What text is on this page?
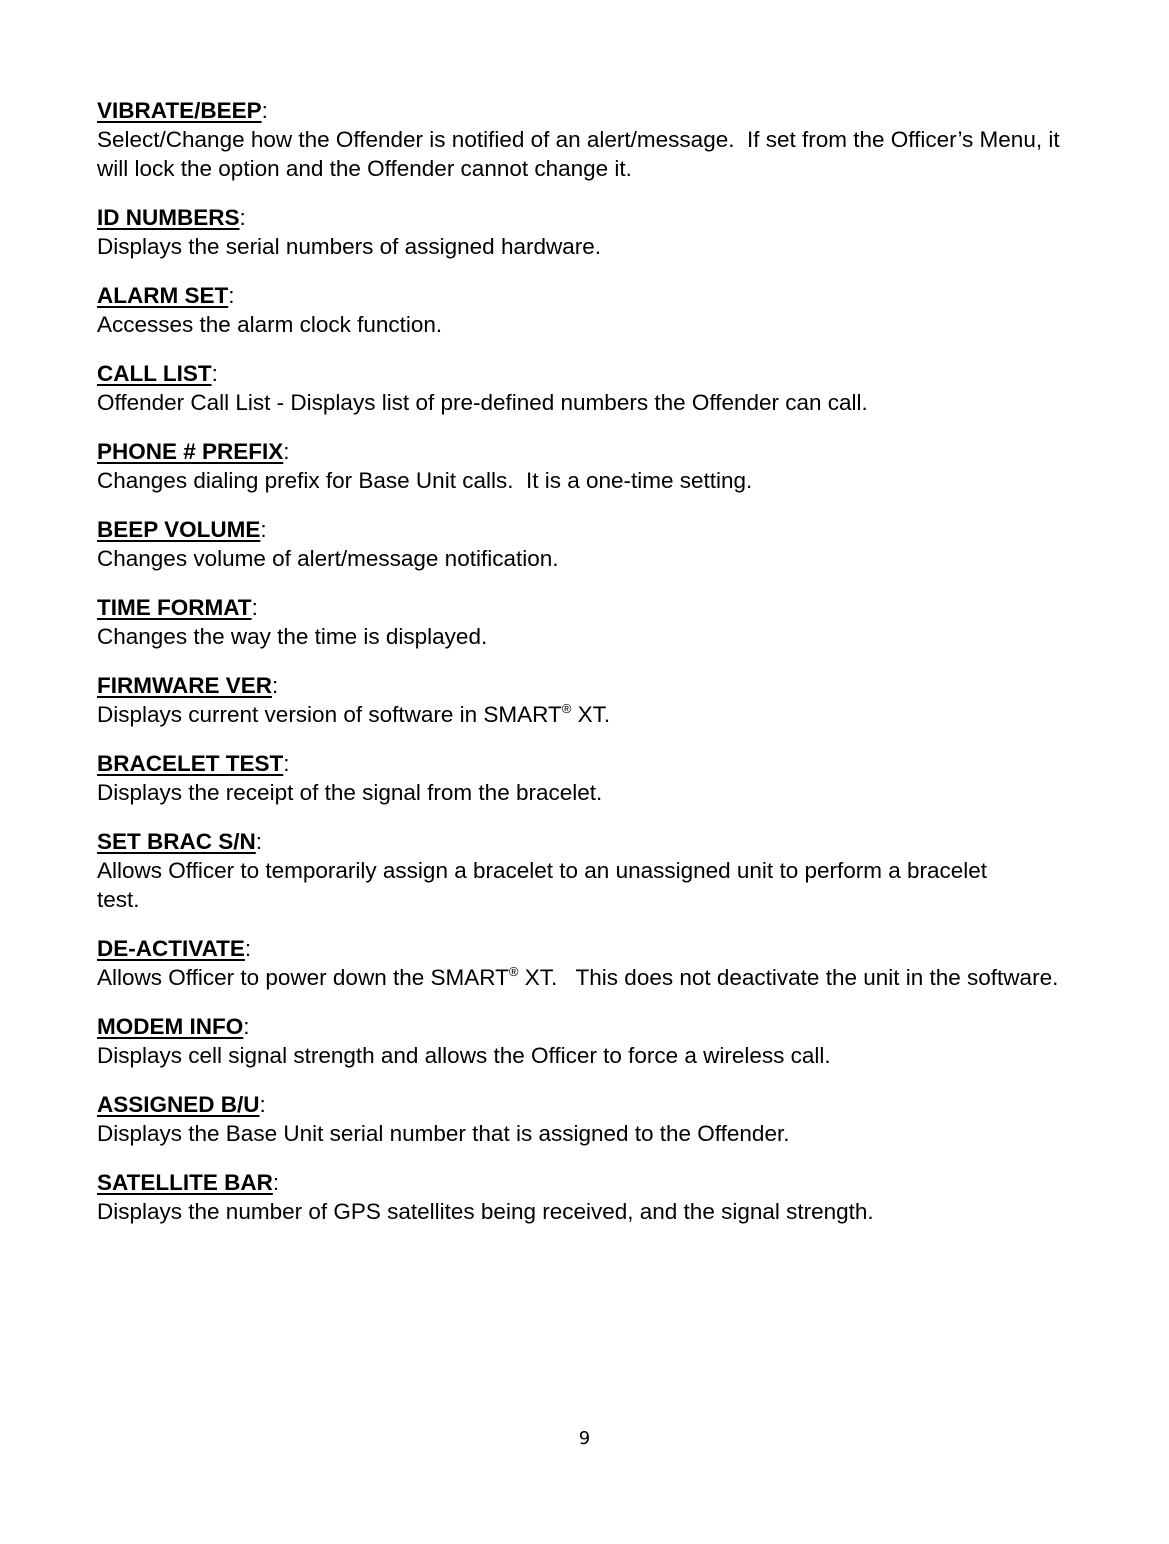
VIBRATE/BEEP:

Select/Change how the Offender is notified of an alert/message.  If set from the Officer’s Menu, it will lock the option and the Offender cannot change it.

ID NUMBERS:

Displays the serial numbers of assigned hardware.

ALARM SET:

Accesses the alarm clock function.

CALL LIST:

Offender Call List - Displays list of pre-defined numbers the Offender can call.

PHONE # PREFIX:

Changes dialing prefix for Base Unit calls.  It is a one-time setting.

BEEP VOLUME:

Changes volume of alert/message notification.

TIME FORMAT:

Changes the way the time is displayed.

FIRMWARE VER:

Displays current version of software in SMART® XT.

BRACELET TEST:

Displays the receipt of the signal from the bracelet.

SET BRAC S/N:

Allows Officer to temporarily assign a bracelet to an unassigned unit to perform a bracelet test.

DE-ACTIVATE:

Allows Officer to power down the SMART® XT.   This does not deactivate the unit in the software.

MODEM INFO:

Displays cell signal strength and allows the Officer to force a wireless call.

ASSIGNED B/U:

Displays the Base Unit serial number that is assigned to the Offender.

SATELLITE BAR:

Displays the number of GPS satellites being received, and the signal strength.

9
